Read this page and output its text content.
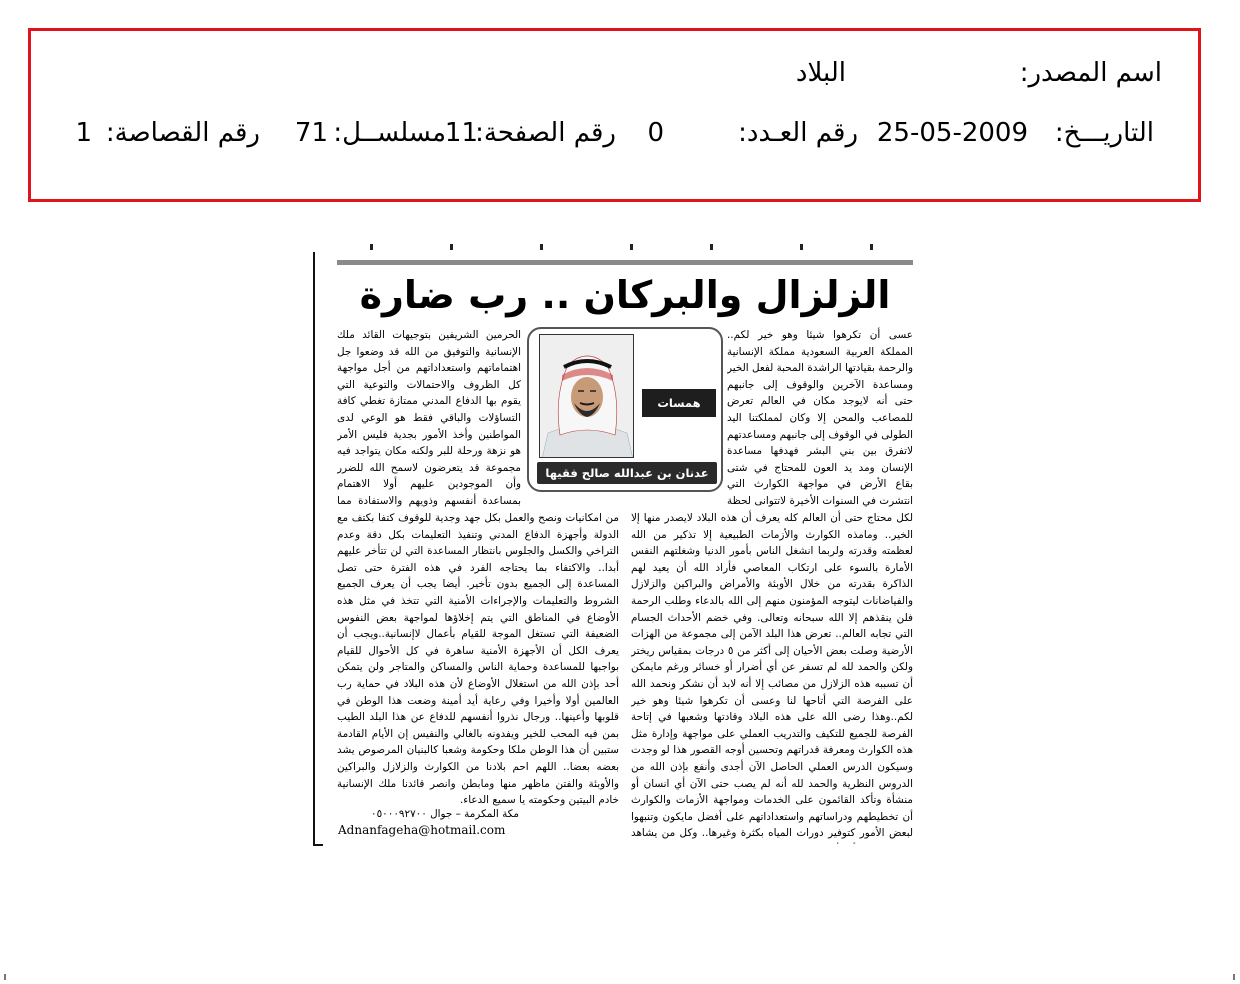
اسم المصدر:
البلاد
التاريـــخ:
25-05-2009
رقم العـدد:
0
رقم الصفحة:
11
مسلســل:
71
رقم القصاصة:
1
الزلزال والبركان .. رب ضارة
عسى أن تكرهوا شيئا وهو خير لكم.. المملكة العربية السعودية مملكة الإنسانية والرحمة بقيادتها الراشدة المحبة لفعل الخير ومساعدة الآخرين والوقوف إلى جانبهم حتى أنه لايوجد مكان في العالم تعرض للمصاعب والمحن إلا وكان لمملكتنا اليد الطولى في الوقوف إلى جانبهم ومساعدتهم لاتفرق بين بني البشر فهدفها مساعدة الإنسان ومد يد العون للمحتاج في شتى بقاع الأرض في مواجهة الكوارث التي انتشرت في السنوات الأخيرة لاتتوانى لحظة
لكل محتاج حتى أن العالم كله يعرف أن هذه البلاد لايصدر منها إلا الخير.. ومامذه الكوارث والأزمات الطبيعية إلا تذكير من الله لعظمته وقدرته ولربما انشغل الناس بأمور الدنيا وشغلتهم النفس الأمارة بالسوء على ارتكاب المعاصي فأراد الله أن يعيد لهم الذاكرة بقدرته من خلال الأوبئة والأمراض والبراكين والزلازل والفياضانات ليتوجه المؤمنون منهم إلى الله بالدعاء وطلب الرحمة فلن ينقذهم إلا الله سبحانه وتعالى. وفي خضم الأحداث الجسام التي تجابه العالم.. تعرض هذا البلد الآمن إلى مجموعة من الهزات الأرضية وصلت بعض الأحيان إلى أكثر من ٥ درجات بمقياس ريختر ولكن والحمد لله لم تسفر عن أي أضرار أو خسائر ورغم مايمكن أن تسببه هذه الزلازل من مصائب إلا أنه لابد أن نشكر ونحمد الله على الفرصة التي أتاحها لنا وعسى أن تكرهوا شيئا وهو خير لكم..وهذا رضى الله على هذه البلاد وقادتها وشعبها في إتاحة الفرصة للجميع للتكيف والتدريب العملي على مواجهة وإدارة مثل هذه الكوارث ومعرفة قدراتهم وتحسين أوجه القصور هذا لو وجدت وسيكون الدرس العملي الحاصل الآن أجدى وأنفع بإذن الله من الدروس النظرية والحمد لله أنه لم يصب حتى الآن أي انسان أو منشأة وتأكد القائمون على الخدمات ومواجهة الأزمات والكوارث أن تخطيطهم ودراساتهم واستعداداتهم على أفضل مايكون وتنبهوا لبعض الأمور كتوفير دورات المياه بكثرة وغيرها.. وكل من يشاهد
الحرمين الشريفين بتوجيهات القائد ملك الإنسانية والتوفيق من الله قد وضعوا جل اهتماماتهم واستعداداتهم من أجل مواجهة كل الظروف والاحتمالات والتوعية التي يقوم بها الدفاع المدني ممتازة تغطي كافة التساؤلات والباقي فقط هو الوعي لدى المواطنين وأخذ الأمور بجدية فليس الأمر هو نزهة ورحلة للبر ولكنه مكان يتواجد فيه مجموعة قد يتعرضون لاسمح الله للضرر وأن الموجودين عليهم أولا الاهتمام بمساعدة أنفسهم وذويهم والاستفادة مما
من امكانيات ونصح والعمل بكل جهد وجدية للوقوف كتفا بكتف مع الدولة وأجهزة الدفاع المدني وتنفيذ التعليمات بكل دقة وعدم التراخي والكسل والجلوس بانتظار المساعدة التي لن تتأخر عليهم أبدا.. والاكتفاء بما يحتاجه الفرد في هذه الفترة حتى تصل المساعدة إلى الجميع بدون تأخير. أيضا يجب أن يعرف الجميع الشروط والتعليمات والإجراءات الأمنية التي تتخذ في مثل هذه الأوضاع في المناطق التي يتم إخلاؤها لمواجهة بعض النفوس الضعيفة التي تستغل الموجة للقيام بأعمال لاإنسانية..ويجب أن يعرف الكل أن الأجهزة الأمنية ساهرة في كل الأحوال للقيام بواجبها للمساعدة وحماية الناس والمساكن والمتاجر ولن يتمكن أحد بإذن الله من استغلال الأوضاع لأن هذه البلاد في حماية رب العالمين أولا وأخيرا وفي رعاية أيد أمينة وضعت هذا الوطن في قلوبها وأعينها.. ورجال نذروا أنفسهم للدفاع عن هذا البلد الطيب بمن فيه المحب للخير ويفدونه بالغالي والنفيس إن الأيام القادمة ستبين أن هذا الوطن ملكا وحكومة وشعبا كالبنيان المرصوص يشد بعضه بعضا.. اللهم احم بلادنا من الكوارث والزلازل والبراكين والأوبئة والفتن ماظهر منها ومابطن وانصر قائدنا ملك الإنسانية خادم البيتين وحكومته يا سميع الدعاء.
مكة المكرمة – جوال ٠٥٠٠٠٩٢٧٠٠
Adnanfageha@hotmail.com
همسات الخاطر
عدنان بن عبدالله صالح فقيها
